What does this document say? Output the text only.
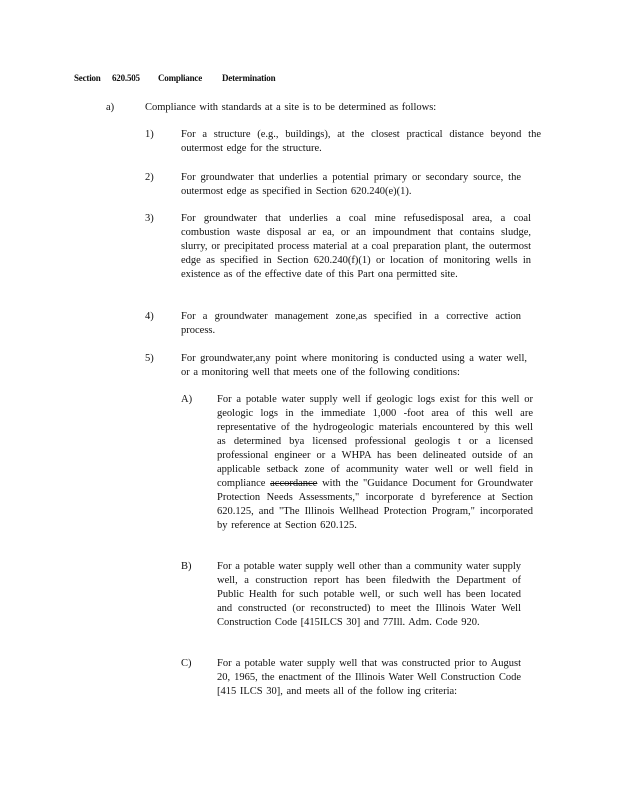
Section 620.505 Compliance Determination
a)	Compliance with standards at a site is to be determined as follows:
1)	For a structure (e.g., buildings), at the closest practical distance beyond the outermost edge for the structure.
2)	For groundwater that underlies a potential primary or secondary source, the outermost edge as specified in Section 620.240(e)(1).
3)	For groundwater that underlies a coal mine refusedisposal area, a coal combustion waste disposal ar ea, or an impoundment that contains sludge, slurry, or precipitated process material at a coal preparation plant, the outermost edge as specified in Section 620.240(f)(1) or location of monitoring wells in existence as of the effective date of this Part ona permitted site.
4)	For a groundwater management zone,as specified in a corrective action process.
5)	For groundwater,any point where monitoring is conducted using a water well, or a monitoring well that meets one of the following conditions:
A) For a potable water supply well if geologic logs exist for this well or geologic logs in the immediate 1,000 -foot area of this well are representative of the hydrogeologic materials encountered by this well as determined bya licensed professional geologis t or a licensed professional engineer or a WHPA has been delineated outside of an applicable setback zone of acommunity water well or well field in compliance accordance with the "Guidance Document for Groundwater Protection Needs Assessments," incorporate d byreference at Section 620.125, and "The Illinois Wellhead Protection Program," incorporated by reference at Section 620.125.
B) For a potable water supply well other than a community water supply well, a construction report has been filedwith the Department of Public Health for such potable well, or such well has been located and constructed (or reconstructed) to meet the Illinois Water Well Construction Code [415ILCS 30] and 77Ill. Adm. Code 920.
C) For a potable water supply well that was constructed prior to August 20, 1965, the enactment of the Illinois Water Well Construction Code [415 ILCS 30], and meets all of the follow ing criteria:
